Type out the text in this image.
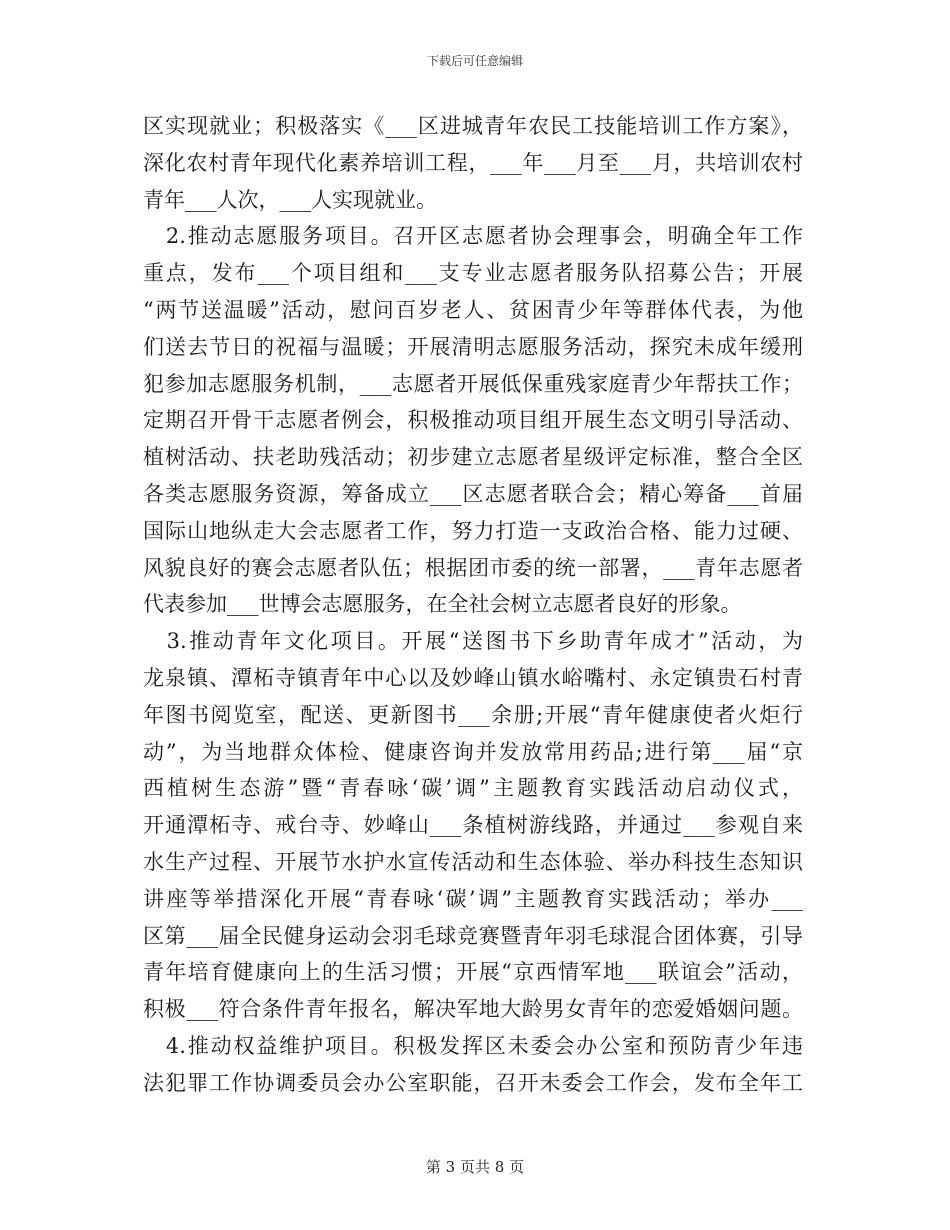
下载后可任意编辑
区实现就业；积极落实《___区进城青年农民工技能培训工作方案》，
深化农村青年现代化素养培训工程，___年___月至___月，共培训农村
青年___人次，___人实现就业。
　2.推动志愿服务项目。召开区志愿者协会理事会，明确全年工作
重点，发布___个项目组和___支专业志愿者服务队招募公告；开展
“两节送温暖”活动，慰问百岁老人、贫困青少年等群体代表，为他
们送去节日的祝福与温暖；开展清明志愿服务活动，探究未成年缓刑
犯参加志愿服务机制，___志愿者开展低保重残家庭青少年帮扶工作；
定期召开骨干志愿者例会，积极推动项目组开展生态文明引导活动、
植树活动、扶老助残活动；初步建立志愿者星级评定标准，整合全区
各类志愿服务资源，筹备成立___区志愿者联合会；精心筹备___首届
国际山地纵走大会志愿者工作，努力打造一支政治合格、能力过硬、
风貌良好的赛会志愿者队伍；根据团市委的统一部署，___青年志愿者
代表参加___世博会志愿服务，在全社会树立志愿者良好的形象。
　3.推动青年文化项目。开展“送图书下乡助青年成才”活动，为
龙泉镇、潭柘寺镇青年中心以及妙峰山镇水峪嘴村、永定镇贵石村青
年图书阅览室，配送、更新图书___余册;开展“青年健康使者火炬行
动”，为当地群众体检、健康咨询并发放常用药品;进行第___届“京
西植树生态游”暨“青春咏‘碳’调”主题教育实践活动启动仪式，
开通潭柘寺、戒台寺、妙峰山___条植树游线路，并通过___参观自来
水生产过程、开展节水护水宣传活动和生态体验、举办科技生态知识
讲座等举措深化开展“青春咏‘碳’调”主题教育实践活动；举办___
区第___届全民健身运动会羽毛球竞赛暨青年羽毛球混合团体赛，引导
青年培育健康向上的生活习惯；开展“京西情军地___联谊会”活动，
积极___符合条件青年报名，解决军地大龄男女青年的恋爱婚姻问题。
　4.推动权益维护项目。积极发挥区未委会办公室和预防青少年违
法犯罪工作协调委员会办公室职能，召开未委会工作会，发布全年工
第 3 页共 8 页
